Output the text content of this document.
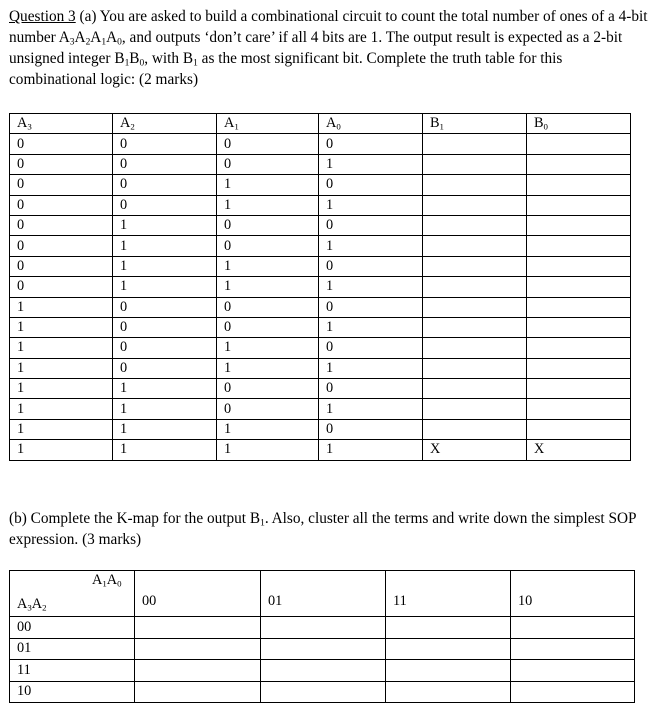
Question 3 (a) You are asked to build a combinational circuit to count the total number of ones of a 4-bit number $A_3A_2A_1A_0$, and outputs ‘don’t care’ if all 4 bits are 1. The output result is expected as a 2-bit unsigned integer $B_1B_0$, with $B_1$ as the most significant bit. Complete the truth table for this combinational logic: (2 marks)

$A_3$	$A_2$	$A_1$	$A_0$	$B_1$	$B_0$
0	0	0	0		
0	0	0	1		
0	0	1	0		
0	0	1	1		
0	1	0	0		
0	1	0	1		
0	1	1	0		
0	1	1	1		
1	0	0	0		
1	0	0	1		
1	0	1	0		
1	0	1	1		
1	1	0	0		
1	1	0	1		
1	1	1	0		
1	1	1	1	X	X

(b) Complete the K-map for the output $B_1$. Also, cluster all the terms and write down the simplest SOP expression. (3 marks)

$A_1A_0$
$A_3A_2$	00	01	11	10
00				
01				
11				
10				
